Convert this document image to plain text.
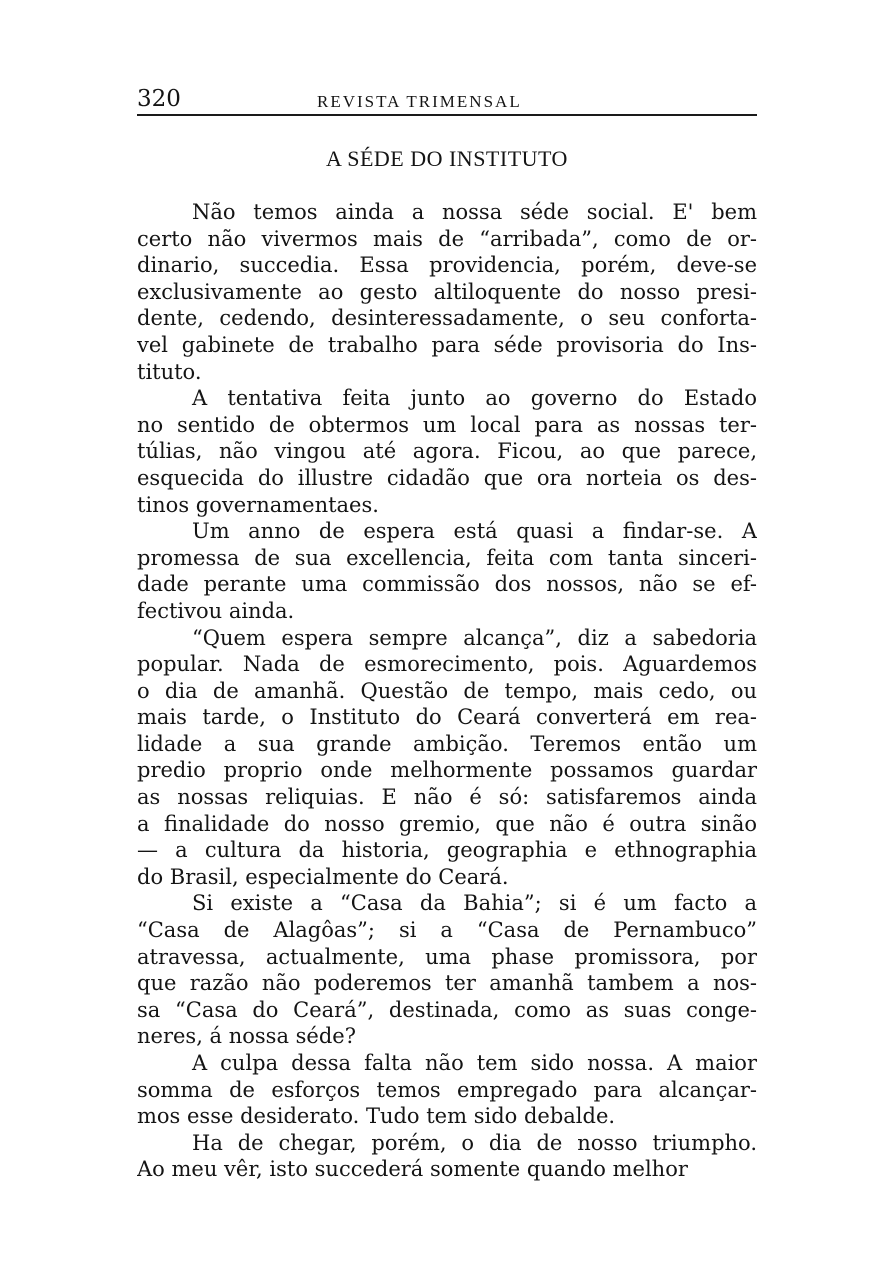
320	REVISTA TRIMENSAL
A SÉDE DO INSTITUTO
Não temos ainda a nossa séde social. E' bem
certo não vivermos mais de “arribada”, como de or-
dinario, succedia. Essa providencia, porém, deve-se
exclusivamente ao gesto altiloquente do nosso presi-
dente, cedendo, desinteressadamente, o seu conforta-
vel gabinete de trabalho para séde provisoria do Ins-
tituto.
A tentativa feita junto ao governo do Estado
no sentido de obtermos um local para as nossas ter-
túlias, não vingou até agora. Ficou, ao que parece,
esquecida do illustre cidadão que ora norteia os des-
tinos governamentaes.
Um anno de espera está quasi a findar-se. A
promessa de sua excellencia, feita com tanta sinceri-
dade perante uma commissão dos nossos, não se ef-
fectivou ainda.
“Quem espera sempre alcança”, diz a sabedoria
popular. Nada de esmorecimento, pois. Aguardemos
o dia de amanhã. Questão de tempo, mais cedo, ou
mais tarde, o Instituto do Ceará converterá em rea-
lidade a sua grande ambição. Teremos então um
predio proprio onde melhormente possamos guardar
as nossas reliquias. E não é só: satisfaremos ainda
a finalidade do nosso gremio, que não é outra sinão
— a cultura da historia, geographia e ethnographia
do Brasil, especialmente do Ceará.
Si existe a “Casa da Bahia”; si é um facto a
“Casa de Alagôas”; si a “Casa de Pernambuco”
atravessa, actualmente, uma phase promissora, por
que razão não poderemos ter amanhã tambem a nos-
sa “Casa do Ceará”, destinada, como as suas conge-
neres, á nossa séde?
A culpa dessa falta não tem sido nossa. A maior
somma de esforços temos empregado para alcançar-
mos esse desiderato. Tudo tem sido debalde.
Ha de chegar, porém, o dia de nosso triumpho.
Ao meu vêr, isto succederá somente quando melhor
